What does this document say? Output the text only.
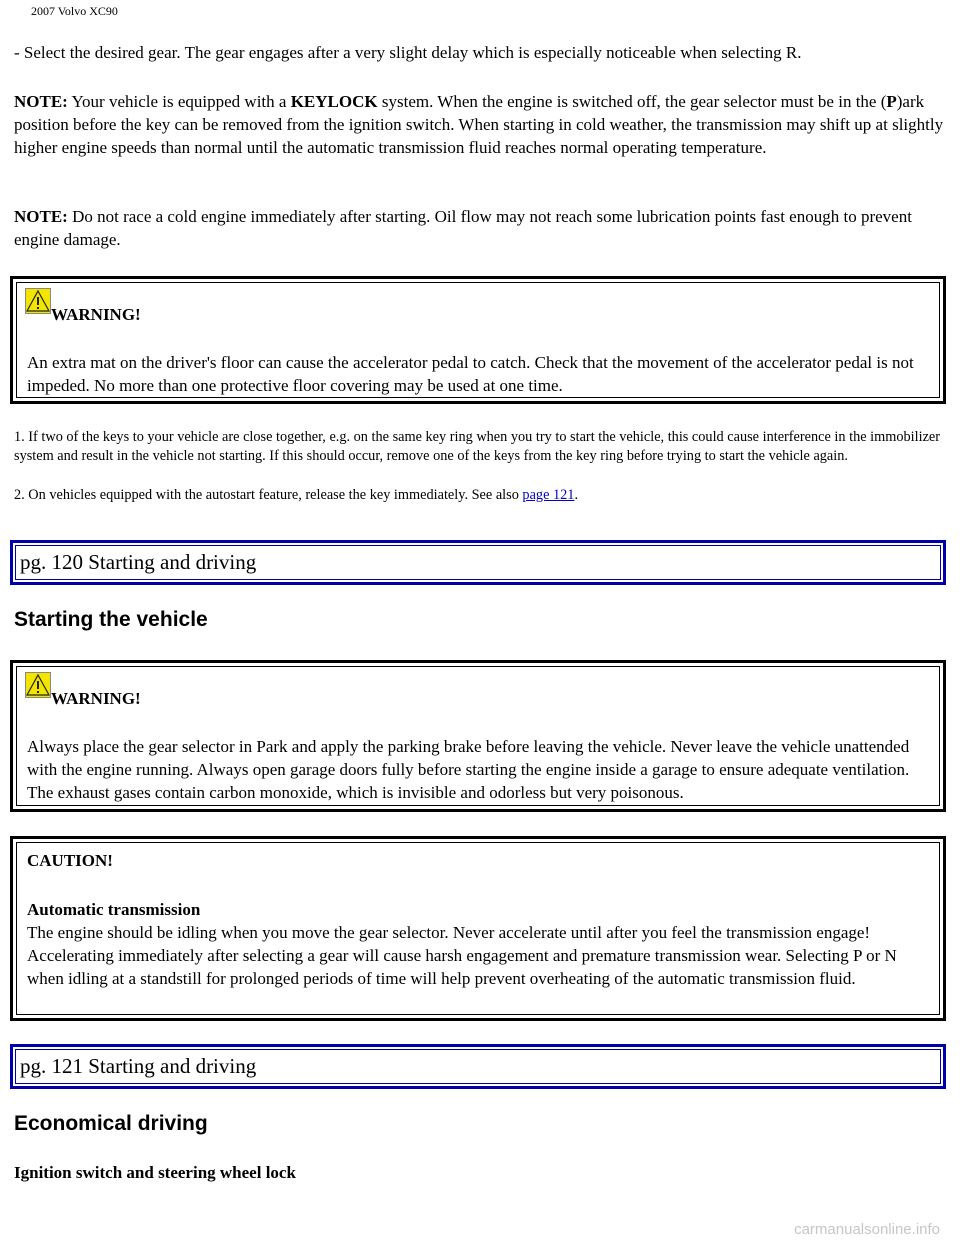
2007 Volvo XC90

- Select the desired gear. The gear engages after a very slight delay which is especially noticeable when selecting R.

NOTE: Your vehicle is equipped with a KEYLOCK system. When the engine is switched off, the gear selector must be in the (P)ark position before the key can be removed from the ignition switch. When starting in cold weather, the transmission may shift up at slightly higher engine speeds than normal until the automatic transmission fluid reaches normal operating temperature.

NOTE: Do not race a cold engine immediately after starting. Oil flow may not reach some lubrication points fast enough to prevent engine damage.

WARNING!
An extra mat on the driver's floor can cause the accelerator pedal to catch. Check that the movement of the accelerator pedal is not impeded. No more than one protective floor covering may be used at one time.
1. If two of the keys to your vehicle are close together, e.g. on the same key ring when you try to start the vehicle, this could cause interference in the immobilizer system and result in the vehicle not starting. If this should occur, remove one of the keys from the key ring before trying to start the vehicle again.
2. On vehicles equipped with the autostart feature, release the key immediately. See also page 121.
pg. 120 Starting and driving
Starting the vehicle
WARNING!
Always place the gear selector in Park and apply the parking brake before leaving the vehicle. Never leave the vehicle unattended with the engine running. Always open garage doors fully before starting the engine inside a garage to ensure adequate ventilation. The exhaust gases contain carbon monoxide, which is invisible and odorless but very poisonous.
CAUTION!
Automatic transmission
The engine should be idling when you move the gear selector. Never accelerate until after you feel the transmission engage! Accelerating immediately after selecting a gear will cause harsh engagement and premature transmission wear. Selecting P or N when idling at a standstill for prolonged periods of time will help prevent overheating of the automatic transmission fluid.
pg. 121 Starting and driving
Economical driving
Ignition switch and steering wheel lock
carmanualsonline.info
